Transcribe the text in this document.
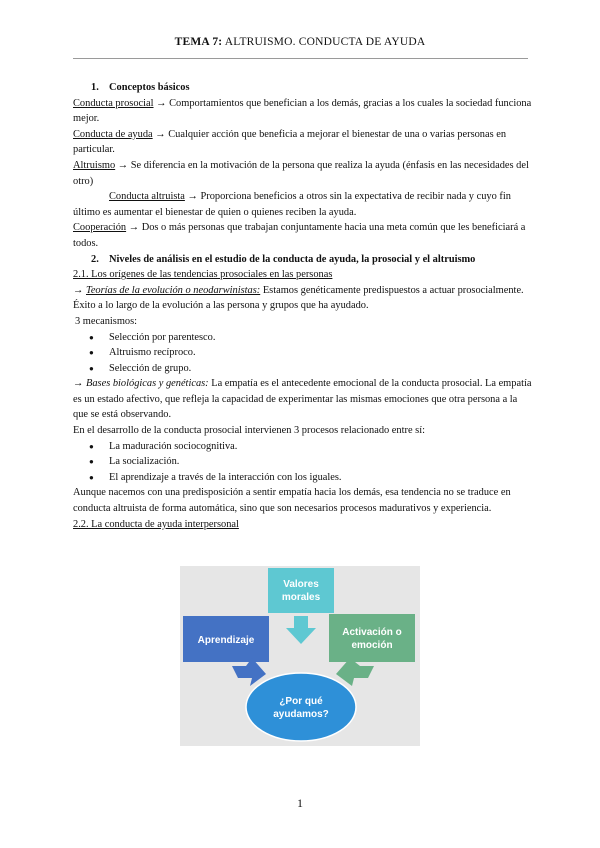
TEMA 7: ALTRUISMO. CONDUCTA DE AYUDA

1. Conceptos básicos

Conducta prosocial → Comportamientos que benefician a los demás, gracias a los cuales la sociedad funciona mejor.

Conducta de ayuda → Cualquier acción que beneficia a mejorar el bienestar de una o varias personas en particular.

Altruismo → Se diferencia en la motivación de la persona que realiza la ayuda (énfasis en las necesidades del otro)

Conducta altruista → Proporciona beneficios a otros sin la expectativa de recibir nada y cuyo fin último es aumentar el bienestar de quien o quienes reciben la ayuda.

Cooperación → Dos o más personas que trabajan conjuntamente hacia una meta común que les beneficiará a todos.

2. Niveles de análisis en el estudio de la conducta de ayuda, la prosocial y el altruismo

2.1. Los orígenes de las tendencias prosociales en las personas

→ Teorías de la evolución o neodarwinistas: Estamos genéticamente predispuestos a actuar prosocialmente. Éxito a lo largo de la evolución a las persona y grupos que ha ayudado.

3 mecanismos:

● Selección por parentesco.
● Altruismo recíproco.
● Selección de grupo.

→ Bases biológicas y genéticas: La empatía es el antecedente emocional de la conducta prosocial. La empatía es un estado afectivo, que refleja la capacidad de experimentar las mismas emociones que otra persona a la que se está observando.

En el desarrollo de la conducta prosocial intervienen 3 procesos relacionado entre sí:

● La maduración sociocognitiva.
● La socialización.
● El aprendizaje a través de la interacción con los iguales.

Aunque nacemos con una predisposición a sentir empatía hacia los demás, esa tendencia no se traduce en conducta altruista de forma automática, sino que son necesarios procesos madurativos y experiencia.

2.2. La conducta de ayuda interpersonal

Valores
morales
Aprendizaje
Activación o
emoción
¿Por qué
ayudamos?
1
